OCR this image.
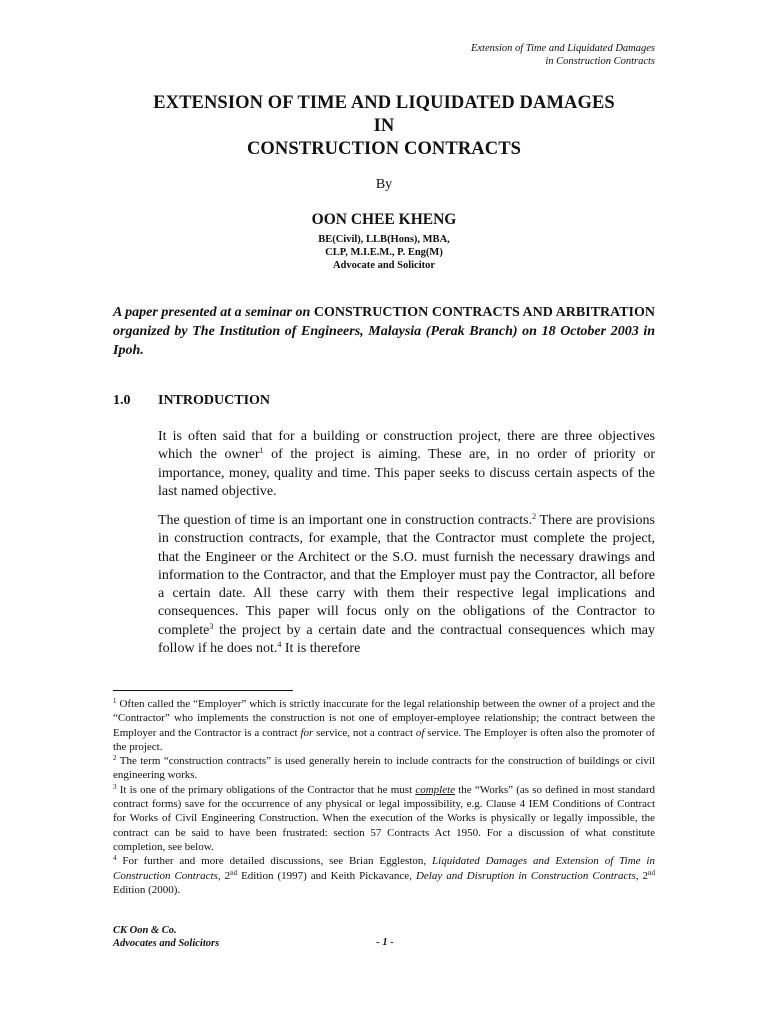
Extension of Time and Liquidated Damages
in Construction Contracts
EXTENSION OF TIME AND LIQUIDATED DAMAGES
IN
CONSTRUCTION CONTRACTS
By
OON CHEE KHENG
BE(Civil), LLB(Hons), MBA,
CLP, M.I.E.M., P. Eng(M)
Advocate and Solicitor
A paper presented at a seminar on CONSTRUCTION CONTRACTS AND ARBITRATION organized by The Institution of Engineers, Malaysia (Perak Branch) on 18 October 2003 in Ipoh.
1.0 INTRODUCTION
It is often said that for a building or construction project, there are three objectives which the owner$^1$ of the project is aiming. These are, in no order of priority or importance, money, quality and time. This paper seeks to discuss certain aspects of the last named objective.
The question of time is an important one in construction contracts.$^2$ There are provisions in construction contracts, for example, that the Contractor must complete the project, that the Engineer or the Architect or the S.O. must furnish the necessary drawings and information to the Contractor, and that the Employer must pay the Contractor, all before a certain date. All these carry with them their respective legal implications and consequences. This paper will focus only on the obligations of the Contractor to complete$^3$ the project by a certain date and the contractual consequences which may follow if he does not.$^4$ It is therefore
$^1$ Often called the “Employer” which is strictly inaccurate for the legal relationship between the owner of a project and the “Contractor” who implements the construction is not one of employer-employee relationship; the contract between the Employer and the Contractor is a contract for service, not a contract of service. The Employer is often also the promoter of the project.
$^2$ The term “construction contracts” is used generally herein to include contracts for the construction of buildings or civil engineering works.
$^3$ It is one of the primary obligations of the Contractor that he must complete the “Works” (as so defined in most standard contract forms) save for the occurrence of any physical or legal impossibility, e.g. Clause 4 IEM Conditions of Contract for Works of Civil Engineering Construction. When the execution of the Works is physically or legally impossible, the contract can be said to have been frustrated: section 57 Contracts Act 1950. For a discussion of what constitute completion, see below.
$^4$ For further and more detailed discussions, see Brian Eggleston, Liquidated Damages and Extension of Time in Construction Contracts, 2nd Edition (1997) and Keith Pickavance, Delay and Disruption in Construction Contracts, 2nd Edition (2000).
CK Oon & Co.
Advocates and Solicitors	- 1 -
